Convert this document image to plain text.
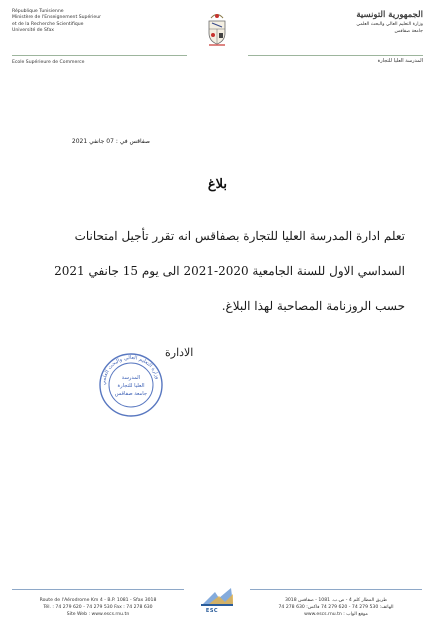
République Tunisienne
Ministère de l'Enseignement Supérieur
et de la Recherche Scientifique
Université de Sfax
Ecole Supérieure de Commerce
الجمهورية التونسية
وزارة التعليم العالي والبحث العلمي
جامعة صفاقس
المدرسة العليا للتجارة
صفاقس في : 07 جانفي 2021
بلاغ
تعلم ادارة المدرسة العليا للتجارة بصفاقس انه تقرر تأجيل امتحانات
السداسي الاول للسنة الجامعية 2020-2021 الى يوم 15 جانفي 2021
حسب الروزنامة المصاحبة لهذا البلاغ.
الادارة
وزارة التعليم العالي والبحث العلمي
المدرسة
العليا للتجارة
جامعة صفاقس
Route de l'Aérodrome Km 4 - B.P. 1081 - Sfax 3018
Tél. : 74 279 620 - 74 279 530 Fax : 74 278 630
Site Web : www.escs.rnu.tn
ESC
طريق المطار كلم 4 - ص.ب. 1081 - صفاقس 3018
الهاتف: 530 279 74 - 620 279 74 فاكس: 630 278 74
موقع الواب : www.escs.rnu.tn
